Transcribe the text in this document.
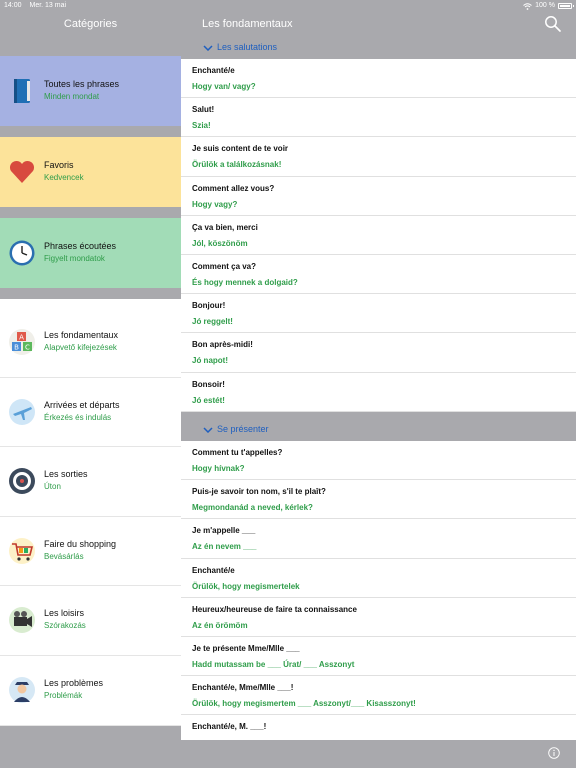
14:00 Mer. 13 mai	100 %
Catégories	Les fondamentaux
Toutes les phrases
Minden mondat
Favoris
Kedvencek
Phrases écoutées
Figyelt mondatok
A
B C
Les fondamentaux
Alapvető kifejezések
Arrivées et départs
Érkezés és indulás
Les sorties
Úton
Faire du shopping
Bevásárlás
Les loisirs
Szórakozás
Les problèmes
Problémák
Les salutations
Enchanté/e
Hogy van/ vagy?
Salut!
Szia!
Je suis content de te voir
Örülök a találkozásnak!
Comment allez vous?
Hogy vagy?
Ça va bien, merci
Jól, köszönöm
Comment ça va?
És hogy mennek a dolgaid?
Bonjour!
Jó reggelt!
Bon après-midi!
Jó napot!
Bonsoir!
Jó estét!
Se présenter
Comment tu t'appelles?
Hogy hívnak?
Puis-je savoir ton nom, s'il te plaît?
Megmondanád a neved, kérlek?
Je m'appelle ___
Az én nevem ___
Enchanté/e
Örülök, hogy megismertelek
Heureux/heureuse de faire ta connaissance
Az én örömöm
Je te présente Mme/Mlle ___
Hadd mutassam be ___ Úrat/ ___ Asszonyt
Enchanté/e, Mme/Mlle ___!
Örülök, hogy megismertem ___ Asszonyt/___ Kisasszonyt!
Enchanté/e, M. ___!
